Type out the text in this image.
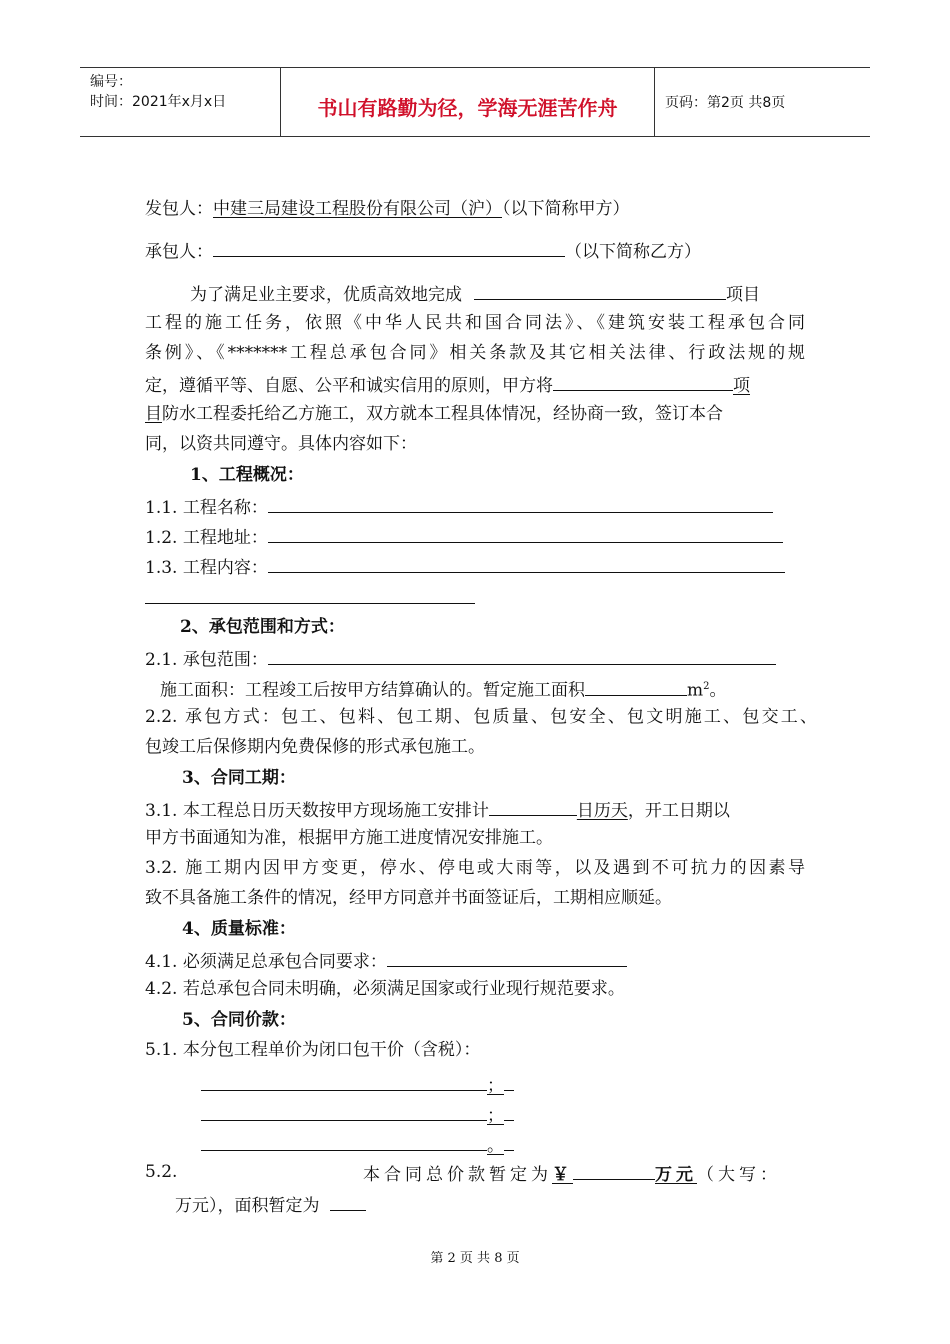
编号：
时间：2021年x月x日	书山有路勤为径，学海无涯苦作舟	页码：第2页 共8页
发包人：中建三局建设工程股份有限公司（沪）（以下简称甲方）
承包人：	（以下简称乙方）
为了满足业主要求，优质高效地完成	项目
工程的施工任务，依照《中华人民共和国合同法》、《建筑安装工程承包合同
条例》、《*******工程总承包合同》相关条款及其它相关法律、行政法规的规
定，遵循平等、自愿、公平和诚实信用的原则，甲方将	项
目防水工程委托给乙方施工，双方就本工程具体情况，经协商一致，签订本合
同，以资共同遵守。具体内容如下：
1、工程概况：
1.1. 工程名称：
1.2. 工程地址：
1.3. 工程内容：
2、承包范围和方式：
2.1. 承包范围：
施工面积：工程竣工后按甲方结算确认的。暂定施工面积	$m^2$。
2.2. 承包方式：包工、包料、包工期、包质量、包安全、包文明施工、包交工、
包竣工后保修期内免费保修的形式承包施工。
3、合同工期：
3.1. 本工程总日历天数按甲方现场施工安排计	日历天，开工日期以
甲方书面通知为准，根据甲方施工进度情况安排施工。
3.2. 施工期内因甲方变更，停水、停电或大雨等，以及遇到不可抗力的因素导
致不具备施工条件的情况，经甲方同意并书面签证后，工期相应顺延。
4、质量标准：
4.1. 必须满足总承包合同要求：
4.2. 若总承包合同未明确，必须满足国家或行业现行规范要求。
5、合同价款：
5.1. 本分包工程单价为闭口包干价（含税）：
；
；
。
5.2.	本合同总价款暂定为￥	万元（大写：
万元），面积暂定为
第 2 页 共 8 页
